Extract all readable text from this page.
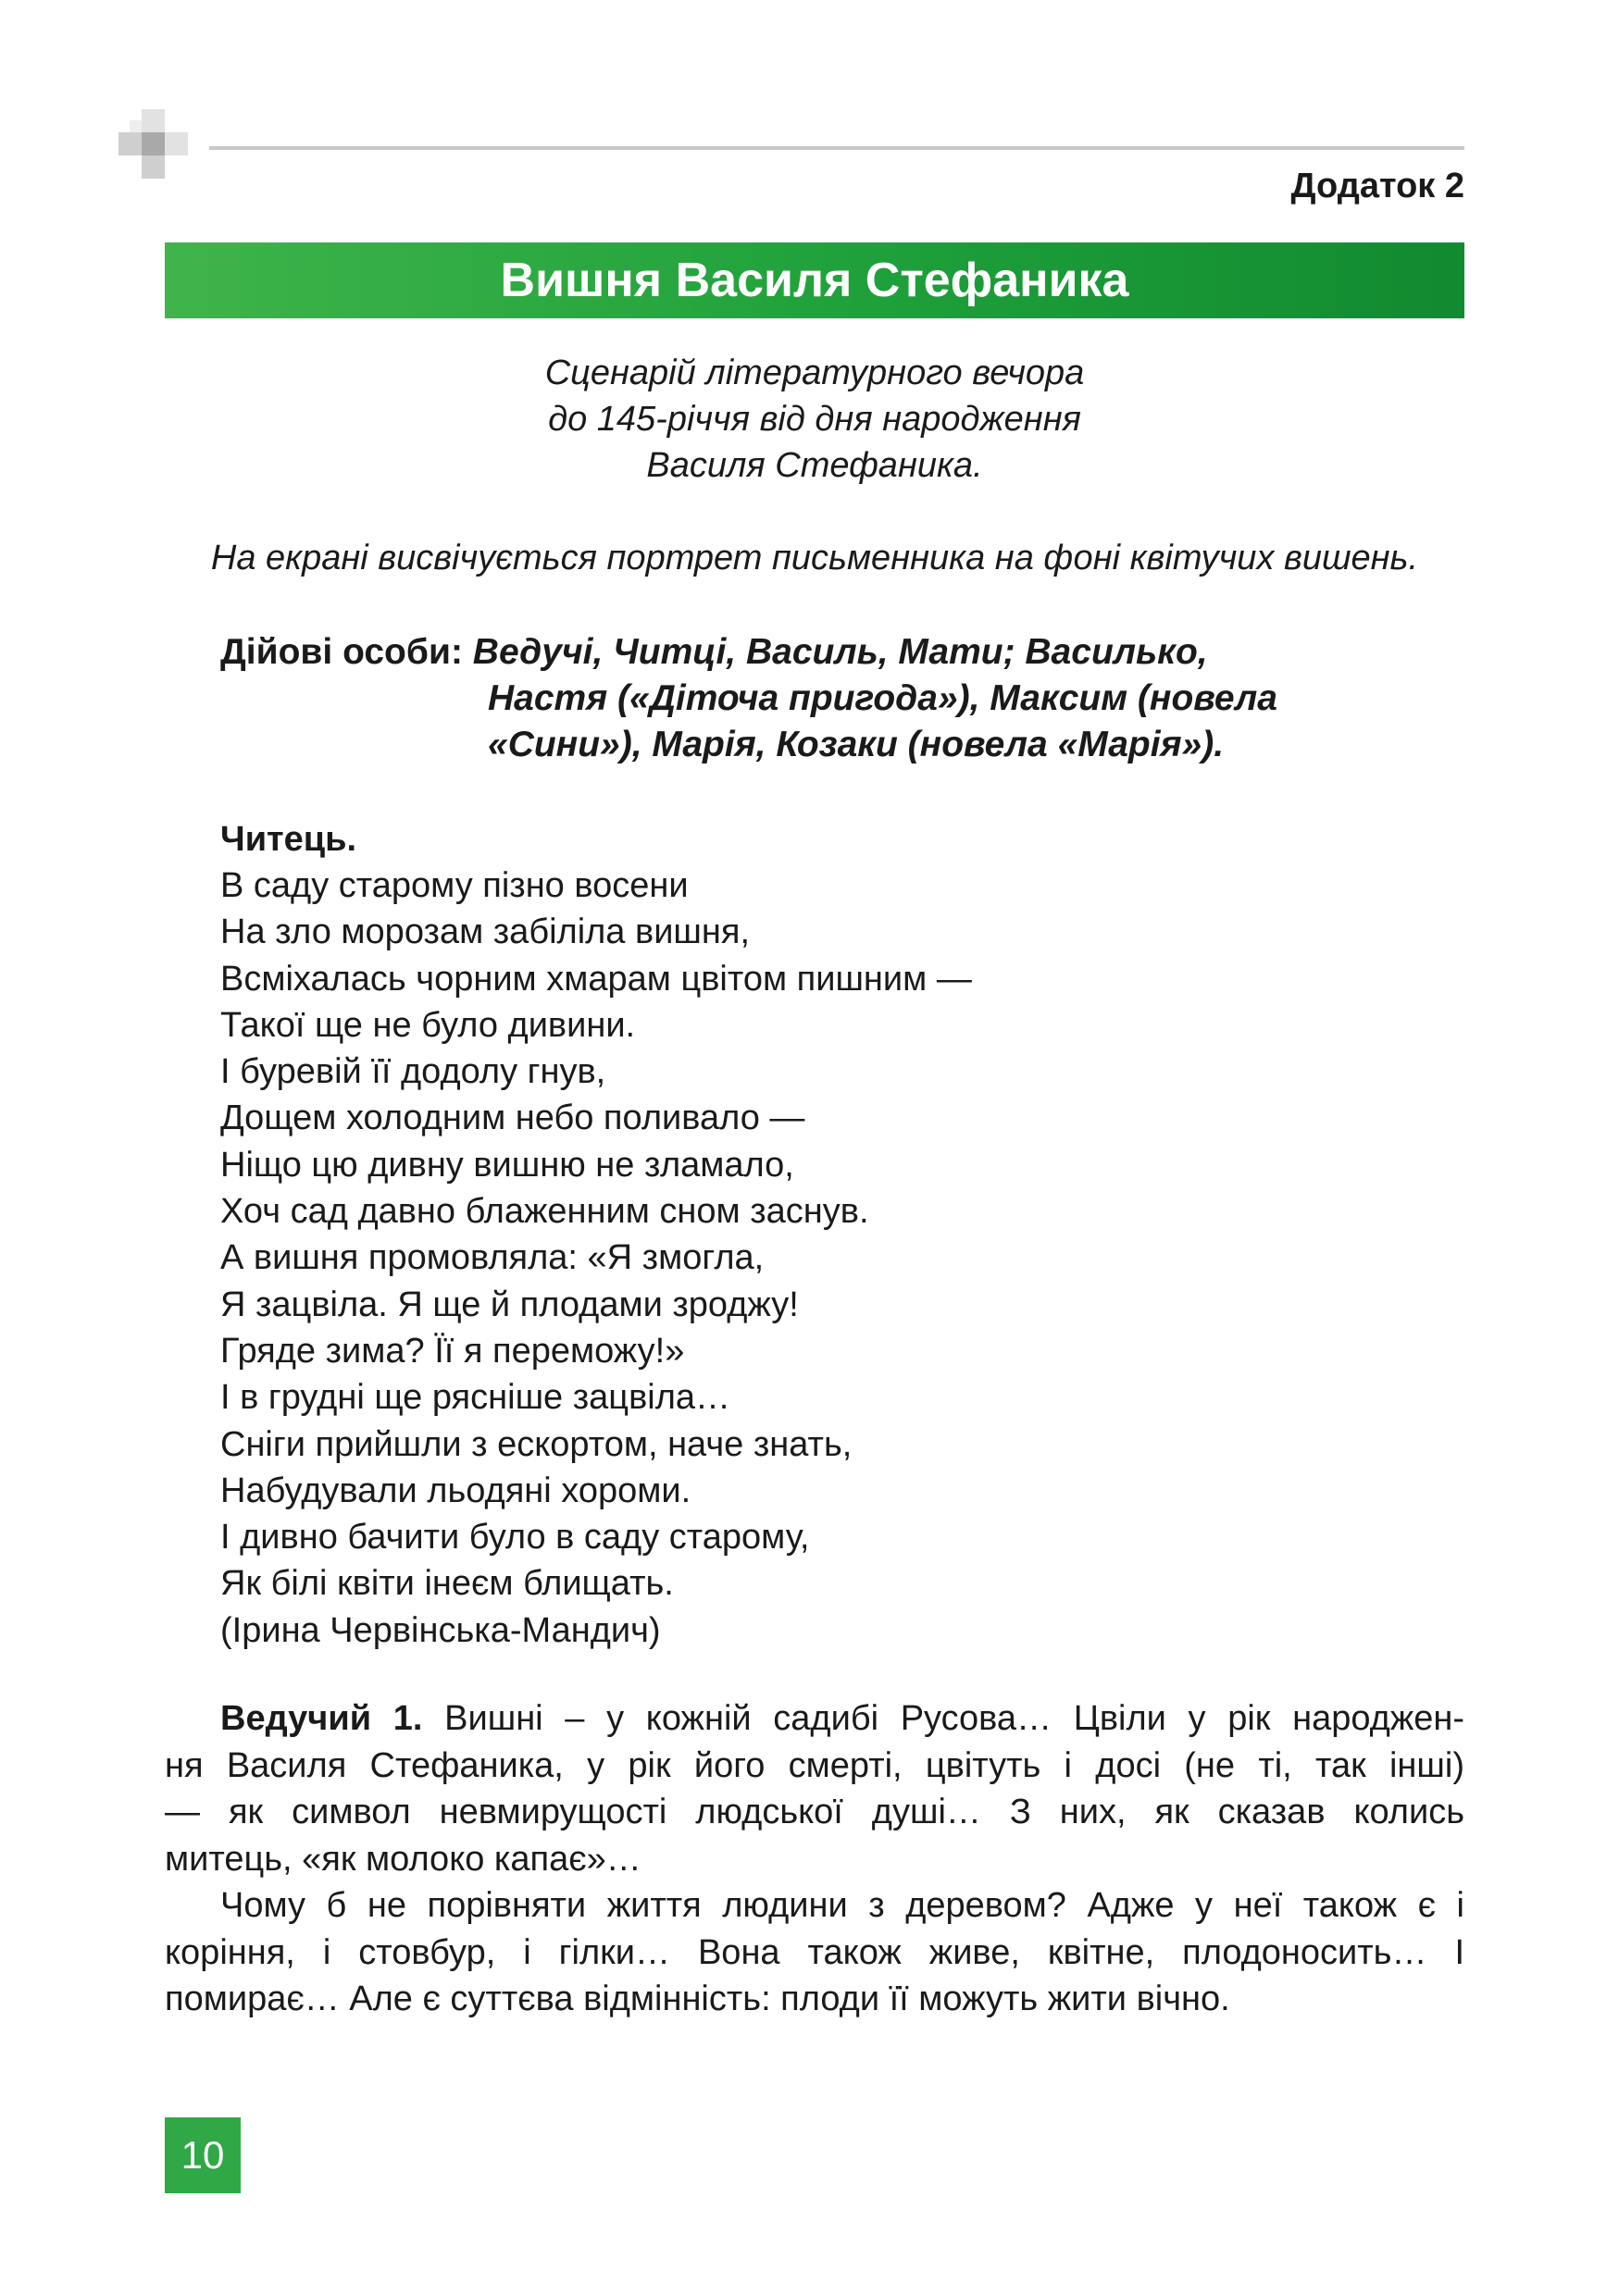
Додаток 2
Вишня Василя Стефаника
Сценарій літературного вечора
до 145-річчя від дня народження
Василя Стефаника.
На екрані висвічується портрет письменника на фоні квітучих вишень.
Дійові особи: Ведучі, Читці, Василь, Мати; Василько,
Настя («Діточа пригода»), Максим (новела
«Сини»), Марія, Козаки (новела «Марія»).
Читець.
В саду старому пізно восени
На зло морозам забіліла вишня,
Всміхалась чорним хмарам цвітом пишним —
Такої ще не було дивини.
І буревій її додолу гнув,
Дощем холодним небо поливало —
Ніщо цю дивну вишню не зламало,
Хоч сад давно блаженним сном заснув.
А вишня промовляла: «Я змогла,
Я зацвіла. Я ще й плодами зроджу!
Гряде зима? Її я переможу!»
І в грудні ще рясніше зацвіла…
Сніги прийшли з ескортом, наче знать,
Набудували льодяні хороми.
І дивно бачити було в саду старому,
Як білі квіти інеєм блищать.
(Ірина Червінська-Мандич)
Ведучий 1. Вишні – у кожній садибі Русова… Цвіли у рік народжен-
ня Василя Стефаника, у рік його смерті, цвітуть і досі (не ті, так інші)
— як символ невмирущості людської душі… З них, як сказав колись
митець, «як молоко капає»…
Чому б не порівняти життя людини з деревом? Адже у неї також є і
коріння, і стовбур, і гілки… Вона також живе, квітне, плодоносить… І
помирає… Але є суттєва відмінність: плоди її можуть жити вічно.
10
